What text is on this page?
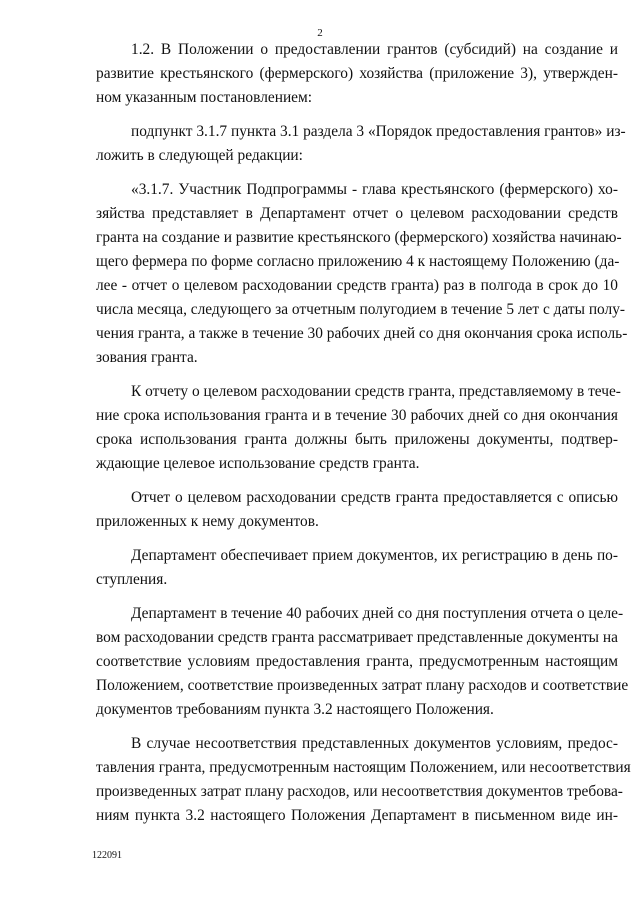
2
1.2. В Положении о предоставлении грантов (субсидий) на создание и
развитие крестьянского (фермерского) хозяйства (приложение 3), утвержден-
ном указанным постановлением:
подпункт 3.1.7 пункта 3.1 раздела 3 «Порядок предоставления грантов» из-
ложить в следующей редакции:
«3.1.7. Участник Подпрограммы - глава крестьянского (фермерского) хо-
зяйства представляет в Департамент отчет о целевом расходовании средств
гранта на создание и развитие крестьянского (фермерского) хозяйства начинаю-
щего фермера по форме согласно приложению 4 к настоящему Положению (да-
лее - отчет о целевом расходовании средств гранта) раз в полгода в срок до 10
числа месяца, следующего за отчетным полугодием в течение 5 лет с даты полу-
чения гранта, а также в течение 30 рабочих дней со дня окончания срока исполь-
зования гранта.
К отчету о целевом расходовании средств гранта, представляемому в тече-
ние срока использования гранта и в течение 30 рабочих дней со дня окончания
срока использования гранта должны быть приложены документы, подтвер-
ждающие целевое использование средств гранта.
Отчет о целевом расходовании средств гранта предоставляется с описью
приложенных к нему документов.
Департамент обеспечивает прием документов, их регистрацию в день по-
ступления.
Департамент в течение 40 рабочих дней со дня поступления отчета о целе-
вом расходовании средств гранта рассматривает представленные документы на
соответствие условиям предоставления гранта, предусмотренным настоящим
Положением, соответствие произведенных затрат плану расходов и соответствие
документов требованиям пункта 3.2 настоящего Положения.
В случае несоответствия представленных документов условиям, предос-
тавления гранта, предусмотренным настоящим Положением, или несоответствия
произведенных затрат плану расходов, или несоответствия документов требова-
ниям пункта 3.2 настоящего Положения Департамент в письменном виде ин-
122091
